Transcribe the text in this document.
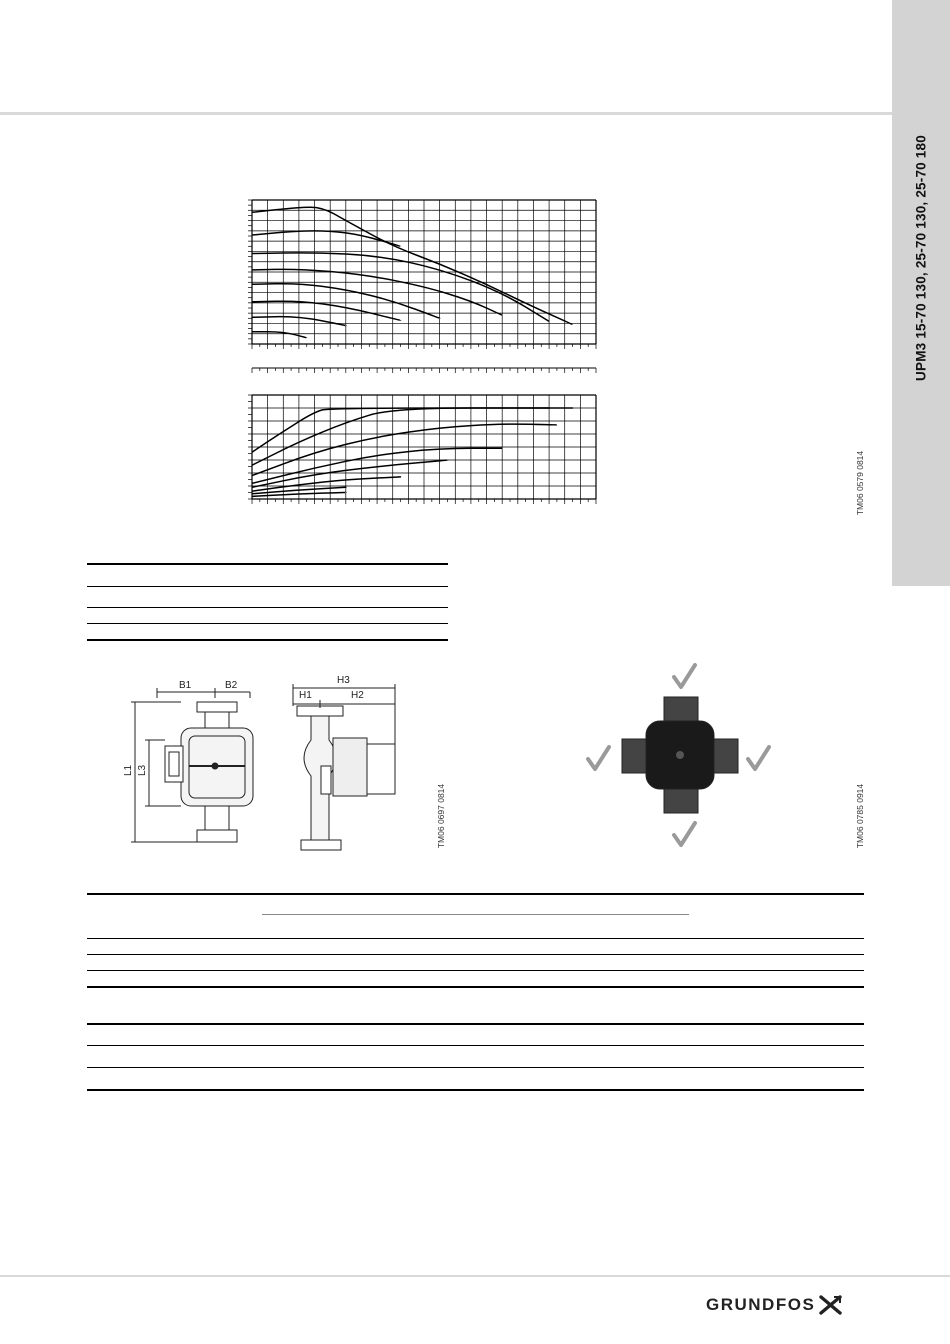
UPM3 15-70 130, 25-70 130, 25-70 180
TM06 0579 0814
B1	B2	H3
H1	H2
L1 L3
TM06 0697 0814	TM06 0785 0914
GRUNDFOS
